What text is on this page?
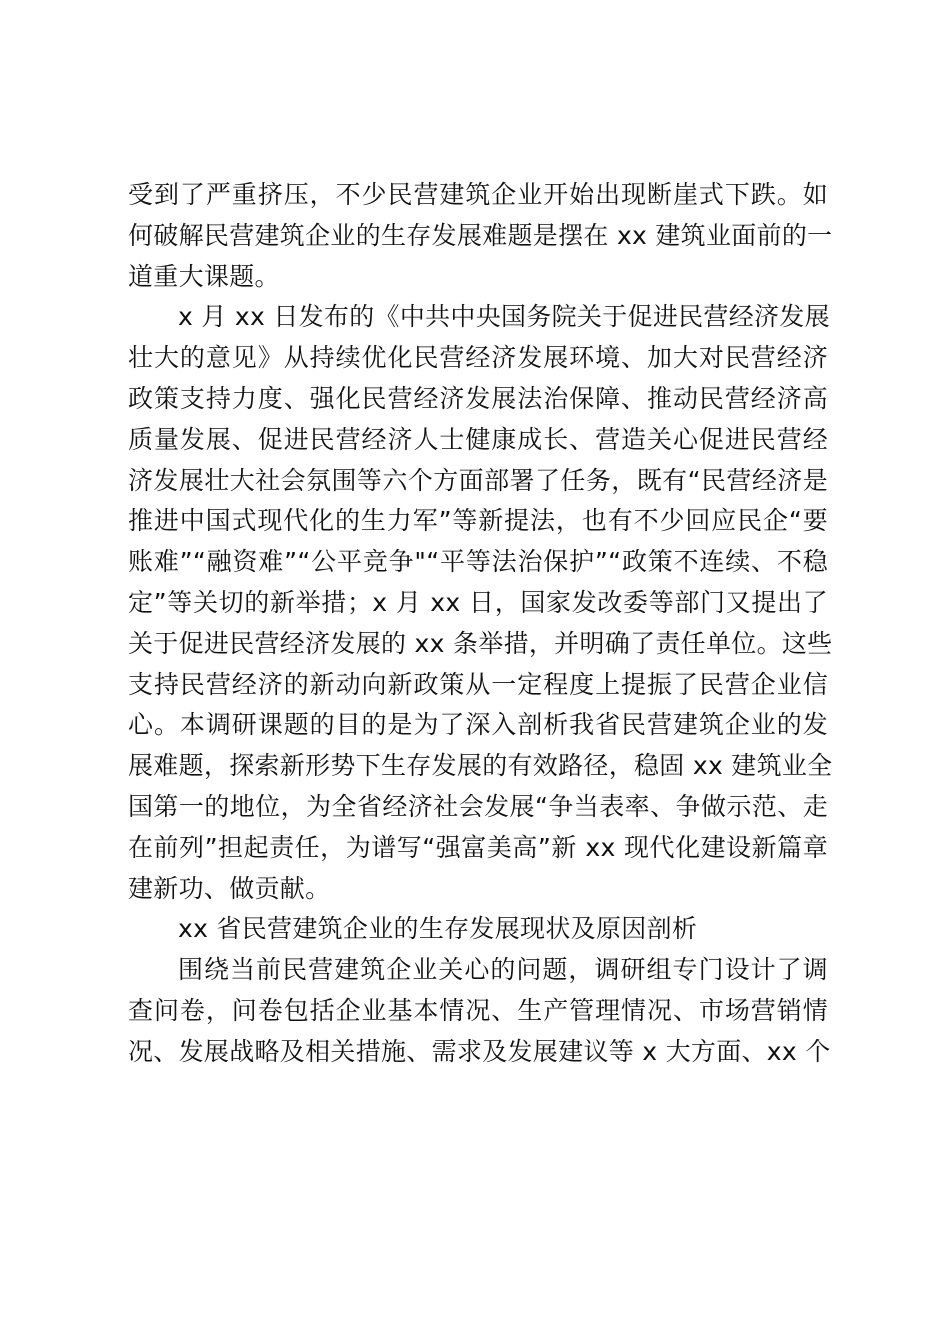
受到了严重挤压，不少民营建筑企业开始出现断崖式下跌。如
何破解民营建筑企业的生存发展难题是摆在 xx 建筑业面前的一
道重大课题。
x 月 xx 日发布的《中共中央国务院关于促进民营经济发展
壮大的意见》从持续优化民营经济发展环境、加大对民营经济
政策支持力度、强化民营经济发展法治保障、推动民营经济高
质量发展、促进民营经济人士健康成长、营造关心促进民营经
济发展壮大社会氛围等六个方面部署了任务，既有“民营经济是
推进中国式现代化的生力军”等新提法，也有不少回应民企“要
账难”“融资难”“公平竞争"“平等法治保护”“政策不连续、不稳
定”等关切的新举措；x 月 xx 日，国家发改委等部门又提出了
关于促进民营经济发展的 xx 条举措，并明确了责任单位。这些
支持民营经济的新动向新政策从一定程度上提振了民营企业信
心。本调研课题的目的是为了深入剖析我省民营建筑企业的发
展难题，探索新形势下生存发展的有效路径，稳固 xx 建筑业全
国第一的地位，为全省经济社会发展“争当表率、争做示范、走
在前列”担起责任，为谱写“强富美高”新 xx 现代化建设新篇章
建新功、做贡献。
xx 省民营建筑企业的生存发展现状及原因剖析
围绕当前民营建筑企业关心的问题，调研组专门设计了调
查问卷，问卷包括企业基本情况、生产管理情况、市场营销情
况、发展战略及相关措施、需求及发展建议等 x 大方面、xx 个
